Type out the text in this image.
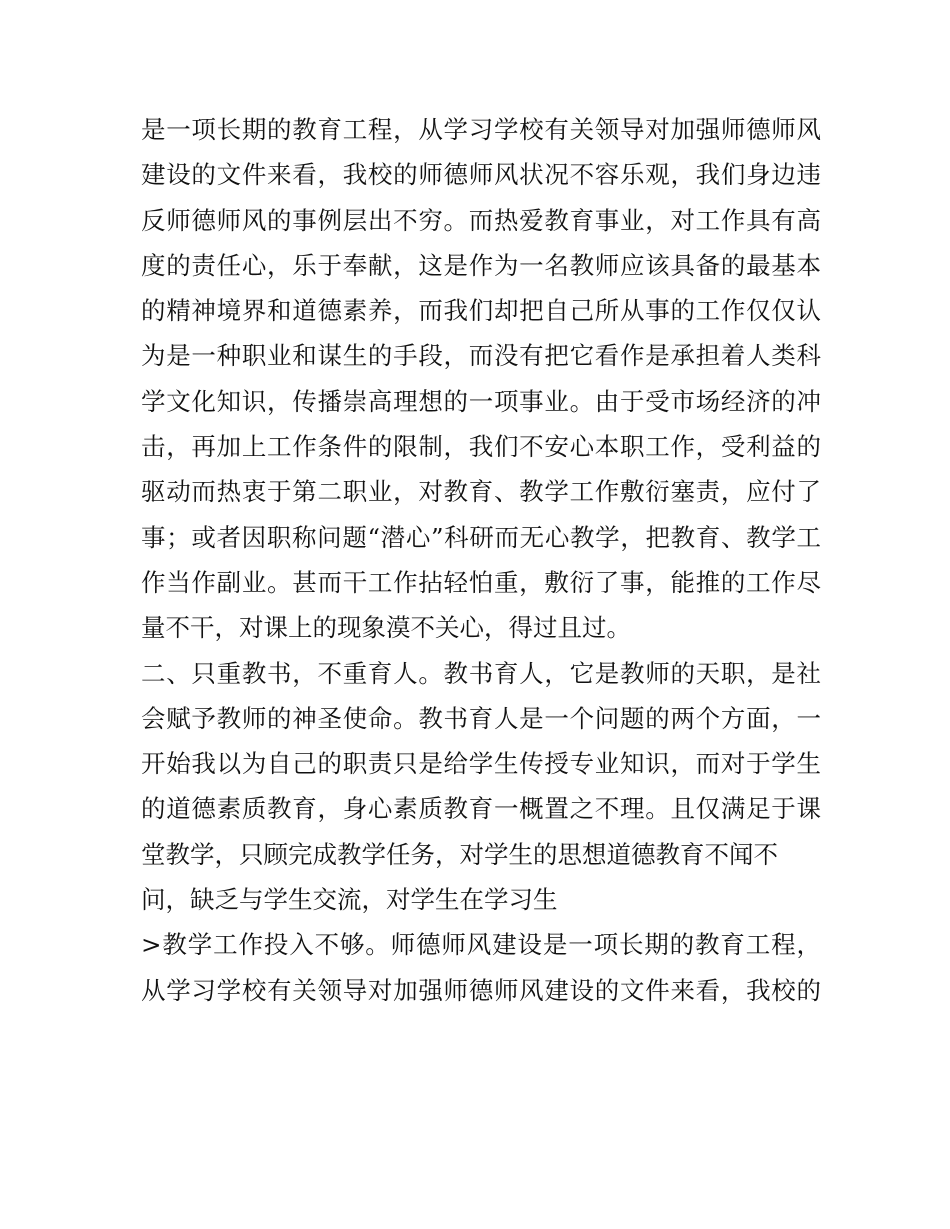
是一项长期的教育工程，从学习学校有关领导对加强师德师风
建设的文件来看，我校的师德师风状况不容乐观，我们身边违
反师德师风的事例层出不穷。而热爱教育事业，对工作具有高
度的责任心，乐于奉献，这是作为一名教师应该具备的最基本
的精神境界和道德素养，而我们却把自己所从事的工作仅仅认
为是一种职业和谋生的手段，而没有把它看作是承担着人类科
学文化知识，传播崇高理想的一项事业。由于受市场经济的冲
击，再加上工作条件的限制，我们不安心本职工作，受利益的
驱动而热衷于第二职业，对教育、教学工作敷衍塞责，应付了
事；或者因职称问题“潜心”科研而无心教学，把教育、教学工
作当作副业。甚而干工作拈轻怕重，敷衍了事，能推的工作尽
量不干，对课上的现象漠不关心，得过且过。
二、只重教书，不重育人。教书育人，它是教师的天职，是社
会赋予教师的神圣使命。教书育人是一个问题的两个方面，一
开始我以为自己的职责只是给学生传授专业知识，而对于学生
的道德素质教育，身心素质教育一概置之不理。且仅满足于课
堂教学，只顾完成教学任务，对学生的思想道德教育不闻不
问，缺乏与学生交流，对学生在学习生
>教学工作投入不够。师德师风建设是一项长期的教育工程，
从学习学校有关领导对加强师德师风建设的文件来看，我校的
